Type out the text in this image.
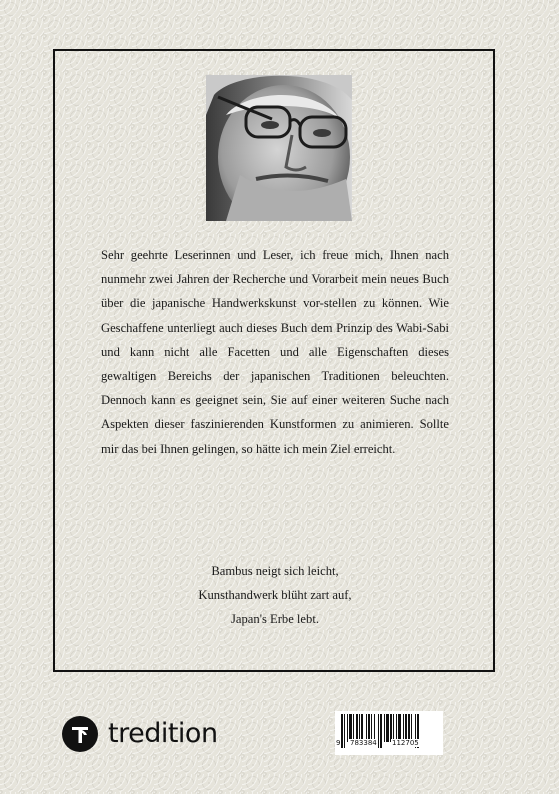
Sehr geehrte Leserinnen und Leser, ich freue mich, Ihnen nach nunmehr zwei Jahren der Recherche und Vorarbeit mein neues Buch über die japanische Handwerkskunst vor-stellen zu können. Wie Geschaffene unterliegt auch dieses Buch dem Prinzip des Wabi-Sabi und kann nicht alle Facetten und alle Eigenschaften dieses gewaltigen Bereichs der japanischen Traditionen beleuchten. Dennoch kann es geeignet sein, Sie auf einer weiteren Suche nach Aspekten dieser faszinierenden Kunstformen zu animieren. Sollte mir das bei Ihnen gelingen, so hätte ich mein Ziel erreicht.

Bambus neigt sich leicht,
Kunsthandwerk blüht zart auf,
Japan's Erbe lebt.
tredition	9 783384 112705
